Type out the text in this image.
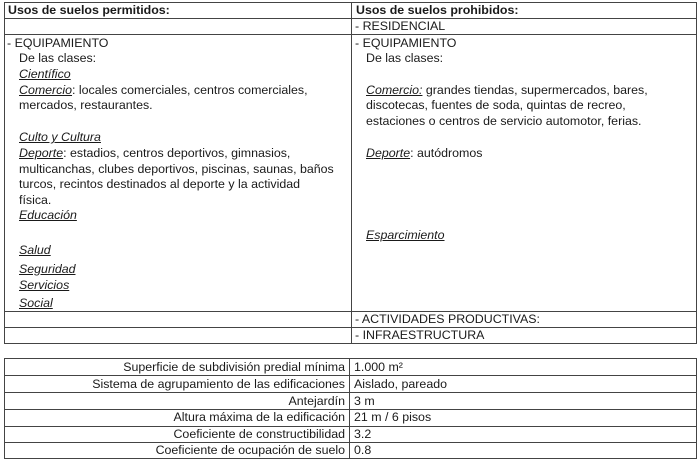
Usos de suelos permitidos:	Usos de suelos prohibidos:
- EQUIPAMIENTO
De las clases:
Científico
Comercio: locales comerciales, centros comerciales,
mercados, restaurantes.
Culto y Cultura
Deporte: estadios, centros deportivos, gimnasios,
multicanchas, clubes deportivos, piscinas, saunas, baños
turcos, recintos destinados al deporte y la actividad
física.
Educación
Salud
Seguridad
Servicios
Social
- RESIDENCIAL
- EQUIPAMIENTO
De las clases:
Comercio: grandes tiendas, supermercados, bares,
discotecas, fuentes de soda, quintas de recreo,
estaciones o centros de servicio automotor, ferias.
Deporte: autódromos
Esparcimiento
- ACTIVIDADES PRODUCTIVAS:
- INFRAESTRUCTURA
Superficie de subdivisión predial mínima 1.000 m²
Sistema de agrupamiento de las edificaciones Aislado, pareado
Antejardín 3 m
Altura máxima de la edificación 21 m / 6 pisos
Coeficiente de constructibilidad 3.2
Coeficiente de ocupación de suelo 0.8
